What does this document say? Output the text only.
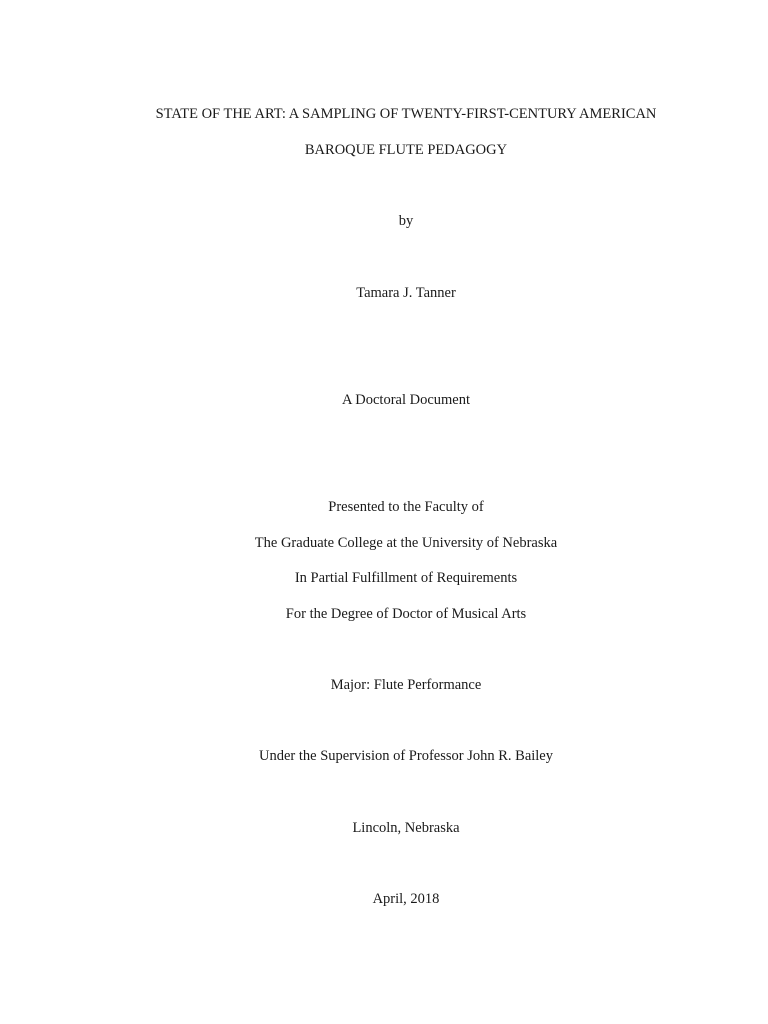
STATE OF THE ART: A SAMPLING OF TWENTY-FIRST-CENTURY AMERICAN
BAROQUE FLUTE PEDAGOGY
by
Tamara J. Tanner
A Doctoral Document
Presented to the Faculty of
The Graduate College at the University of Nebraska
In Partial Fulfillment of Requirements
For the Degree of Doctor of Musical Arts
Major: Flute Performance
Under the Supervision of Professor John R. Bailey
Lincoln, Nebraska
April, 2018
